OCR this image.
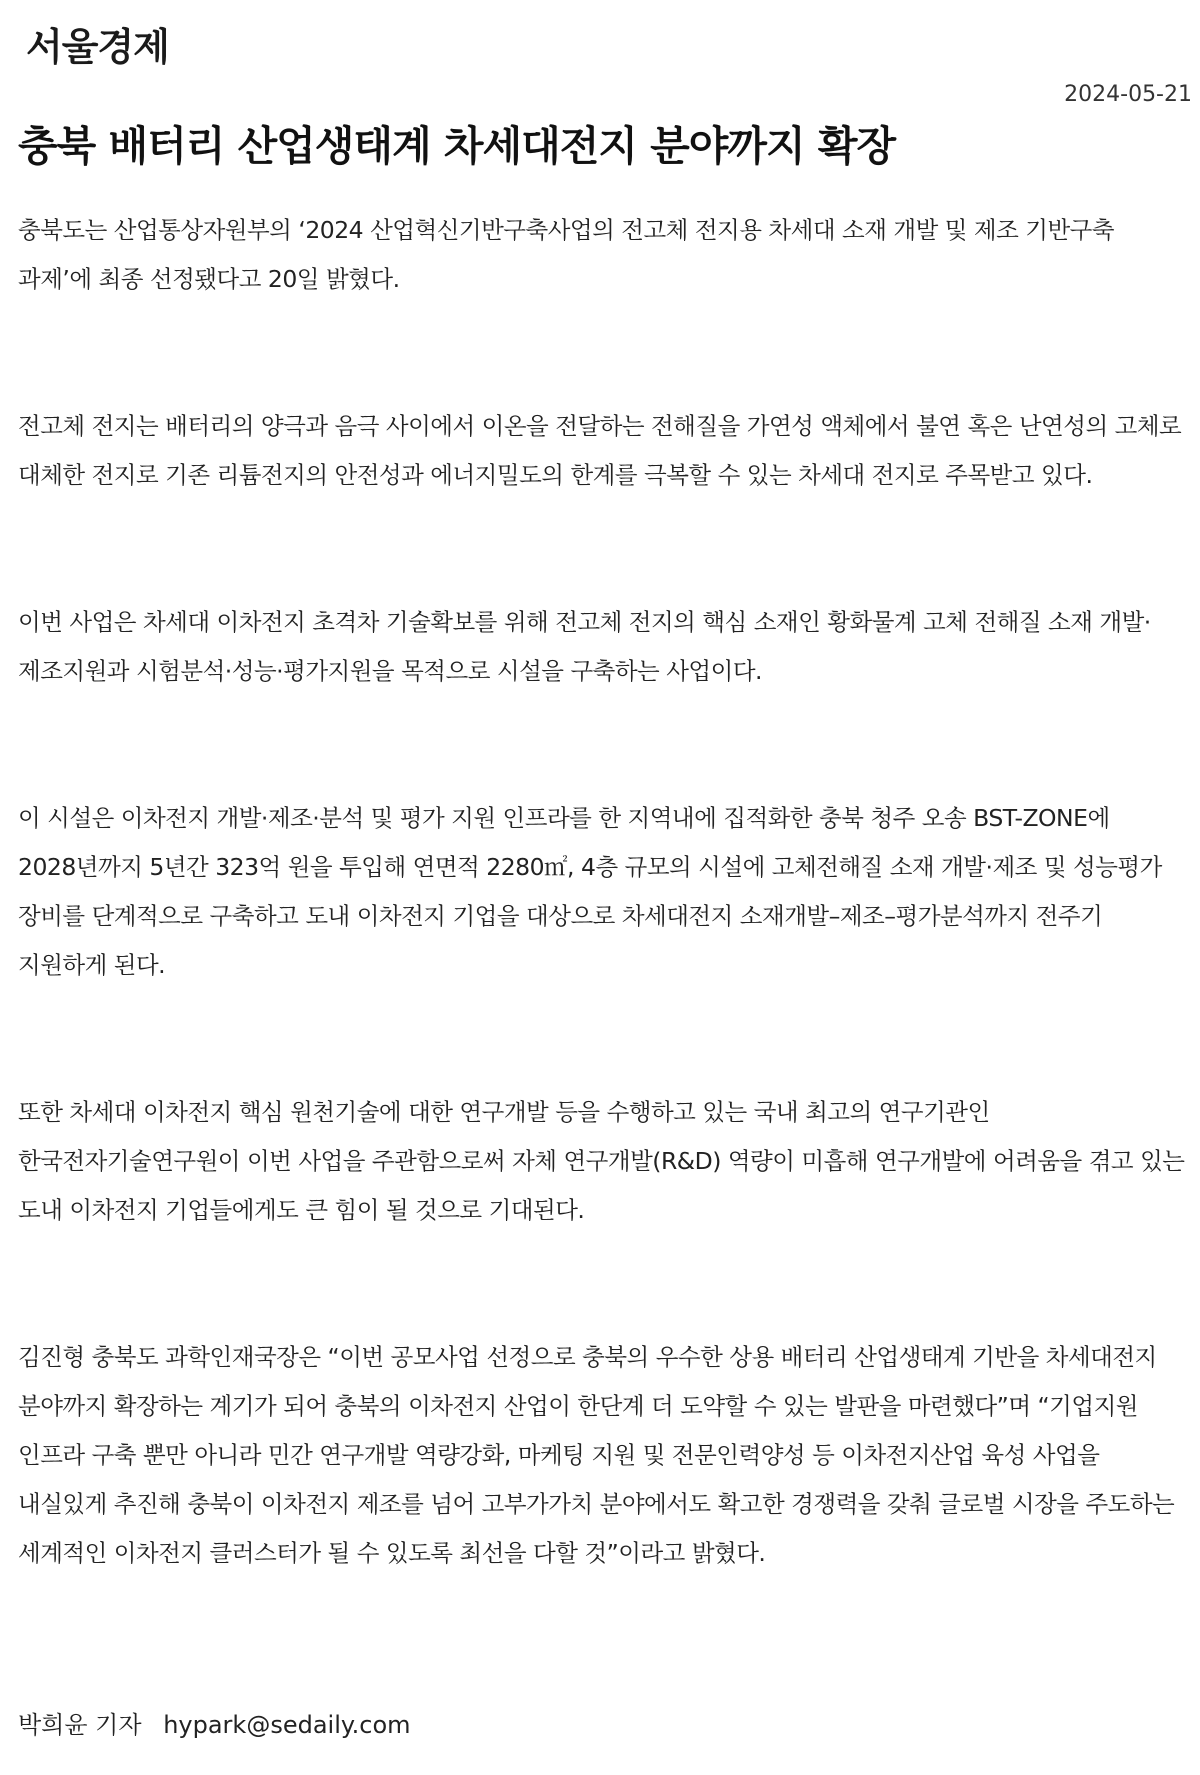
서울경제
2024-05-21
충북 배터리 산업생태계 차세대전지 분야까지 확장

충북도는 산업통상자원부의 ‘2024 산업혁신기반구축사업의 전고체 전지용 차세대 소재 개발 및 제조 기반구축 과제’에 최종 선정됐다고 20일 밝혔다.

전고체 전지는 배터리의 양극과 음극 사이에서 이온을 전달하는 전해질을 가연성 액체에서 불연 혹은 난연성의 고체로 대체한 전지로 기존 리튬전지의 안전성과 에너지밀도의 한계를 극복할 수 있는 차세대 전지로 주목받고 있다.

이번 사업은 차세대 이차전지 초격차 기술확보를 위해 전고체 전지의 핵심 소재인 황화물계 고체 전해질 소재 개발·제조지원과 시험분석·성능·평가지원을 목적으로 시설을 구축하는 사업이다.

이 시설은 이차전지 개발·제조·분석 및 평가 지원 인프라를 한 지역내에 집적화한 충북 청주 오송 BST-ZONE에 2028년까지 5년간 323억 원을 투입해 연면적 2280㎡, 4층 규모의 시설에 고체전해질 소재 개발·제조 및 성능평가 장비를 단계적으로 구축하고 도내 이차전지 기업을 대상으로 차세대전지 소재개발–제조–평가분석까지 전주기 지원하게 된다.

또한 차세대 이차전지 핵심 원천기술에 대한 연구개발 등을 수행하고 있는 국내 최고의 연구기관인 한국전자기술연구원이 이번 사업을 주관함으로써 자체 연구개발(R&D) 역량이 미흡해 연구개발에 어려움을 겪고 있는 도내 이차전지 기업들에게도 큰 힘이 될 것으로 기대된다.

김진형 충북도 과학인재국장은 “이번 공모사업 선정으로 충북의 우수한 상용 배터리 산업생태계 기반을 차세대전지 분야까지 확장하는 계기가 되어 충북의 이차전지 산업이 한단계 더 도약할 수 있는 발판을 마련했다”며 “기업지원 인프라 구축 뿐만 아니라 민간 연구개발 역량강화, 마케팅 지원 및 전문인력양성 등 이차전지산업 육성 사업을 내실있게 추진해 충북이 이차전지 제조를 넘어 고부가가치 분야에서도 확고한 경쟁력을 갖춰 글로벌 시장을 주도하는 세계적인 이차전지 클러스터가 될 수 있도록 최선을 다할 것”이라고 밝혔다.

박희윤 기자 hypark@sedaily.com
